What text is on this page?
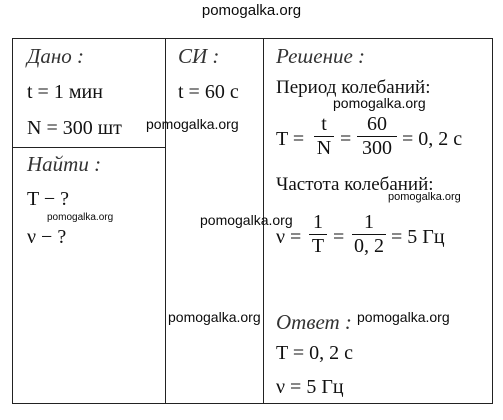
pomogalka.org
Дано :
t = 1 мин
N = 300 шт
Найти :
T − ?
ν − ?
СИ :
t = 60 с
Решение :
Период колебаний:
T =
t
N =
60
300 = 0, 2 с
Частота колебаний:
ν =
1
T =
1
0, 2 = 5 Гц
Ответ :
T = 0, 2 с
ν = 5 Гц
pomogalka.org
pomogalka.org
pomogalka.org
pomogalka.org	pomogalka.org
pomogalka.org	pomogalka.org
